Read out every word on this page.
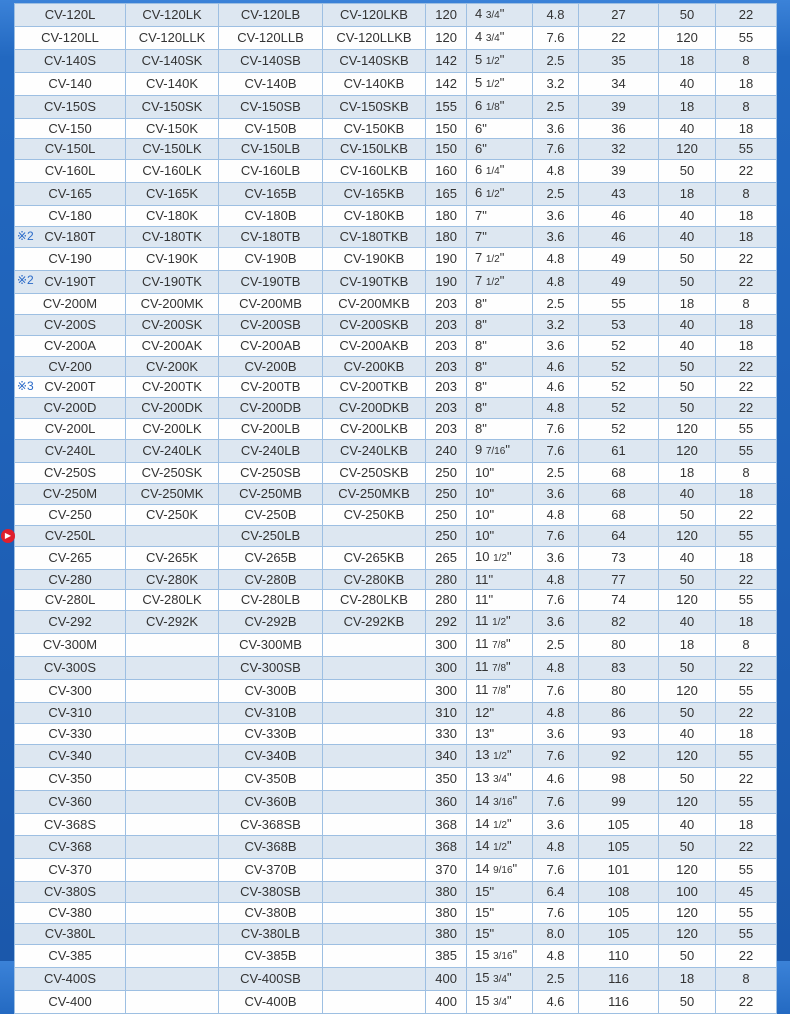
CV-120L	CV-120LK	CV-120LB	CV-120LKB	120	4 3/4"	4.8	27	50	22
CV-120LL	CV-120LLK	CV-120LLB	CV-120LLKB	120	4 3/4"	7.6	22	120	55
CV-140S	CV-140SK	CV-140SB	CV-140SKB	142	5 1/2"	2.5	35	18	8
CV-140	CV-140K	CV-140B	CV-140KB	142	5 1/2"	3.2	34	40	18
CV-150S	CV-150SK	CV-150SB	CV-150SKB	155	6 1/8"	2.5	39	18	8
CV-150	CV-150K	CV-150B	CV-150KB	150	6"	3.6	36	40	18
CV-150L	CV-150LK	CV-150LB	CV-150LKB	150	6"	7.6	32	120	55
CV-160L	CV-160LK	CV-160LB	CV-160LKB	160	6 1/4"	4.8	39	50	22
CV-165	CV-165K	CV-165B	CV-165KB	165	6 1/2"	2.5	43	18	8
CV-180	CV-180K	CV-180B	CV-180KB	180	7"	3.6	46	40	18

※2 CV-180T	CV-180TK	CV-180TB	CV-180TKB	180	7"	3.6	46	40	18
CV-190	CV-190K	CV-190B	CV-190KB	190	7 1/2"	4.8	49	50	22

※2 CV-190T	CV-190TK	CV-190TB	CV-190TKB	190	7 1/2"	4.8	49	50	22
CV-200M	CV-200MK	CV-200MB	CV-200MKB	203	8"	2.5	55	18	8
CV-200S	CV-200SK	CV-200SB	CV-200SKB	203	8"	3.2	53	40	18
CV-200A	CV-200AK	CV-200AB	CV-200AKB	203	8"	3.6	52	40	18
CV-200	CV-200K	CV-200B	CV-200KB	203	8"	4.6	52	50	22

※3 CV-200T	CV-200TK	CV-200TB	CV-200TKB	203	8"	4.6	52	50	22
CV-200D	CV-200DK	CV-200DB	CV-200DKB	203	8"	4.8	52	50	22
CV-200L	CV-200LK	CV-200LB	CV-200LKB	203	8"	7.6	52	120	55
CV-240L	CV-240LK	CV-240LB	CV-240LKB	240	9 7/16"	7.6	61	120	55
CV-250S	CV-250SK	CV-250SB	CV-250SKB	250	10"	2.5	68	18	8
CV-250M	CV-250MK	CV-250MB	CV-250MKB	250	10"	3.6	68	40	18
CV-250	CV-250K	CV-250B	CV-250KB	250	10"	4.8	68	50	22

▶ CV-250L		CV-250LB		250	10"	7.6	64	120	55
CV-265	CV-265K	CV-265B	CV-265KB	265	10 1/2"	3.6	73	40	18
CV-280	CV-280K	CV-280B	CV-280KB	280	11"	4.8	77	50	22
CV-280L	CV-280LK	CV-280LB	CV-280LKB	280	11"	7.6	74	120	55
CV-292	CV-292K	CV-292B	CV-292KB	292	11 1/2"	3.6	82	40	18
CV-300M		CV-300MB		300	11 7/8"	2.5	80	18	8
CV-300S		CV-300SB		300	11 7/8"	4.8	83	50	22
CV-300		CV-300B		300	11 7/8"	7.6	80	120	55
CV-310		CV-310B		310	12"	4.8	86	50	22
CV-330		CV-330B		330	13"	3.6	93	40	18
CV-340		CV-340B		340	13 1/2"	7.6	92	120	55
CV-350		CV-350B		350	13 3/4"	4.6	98	50	22
CV-360		CV-360B		360	14 3/16"	7.6	99	120	55
CV-368S		CV-368SB		368	14 1/2"	3.6	105	40	18
CV-368		CV-368B		368	14 1/2"	4.8	105	50	22
CV-370		CV-370B		370	14 9/16"	7.6	101	120	55
CV-380S		CV-380SB		380	15"	6.4	108	100	45
CV-380		CV-380B		380	15"	7.6	105	120	55
CV-380L		CV-380LB		380	15"	8.0	105	120	55
CV-385		CV-385B		385	15 3/16"	4.8	110	50	22
CV-400S		CV-400SB		400	15 3/4"	2.5	116	18	8
CV-400		CV-400B		400	15 3/4"	4.6	116	50	22
